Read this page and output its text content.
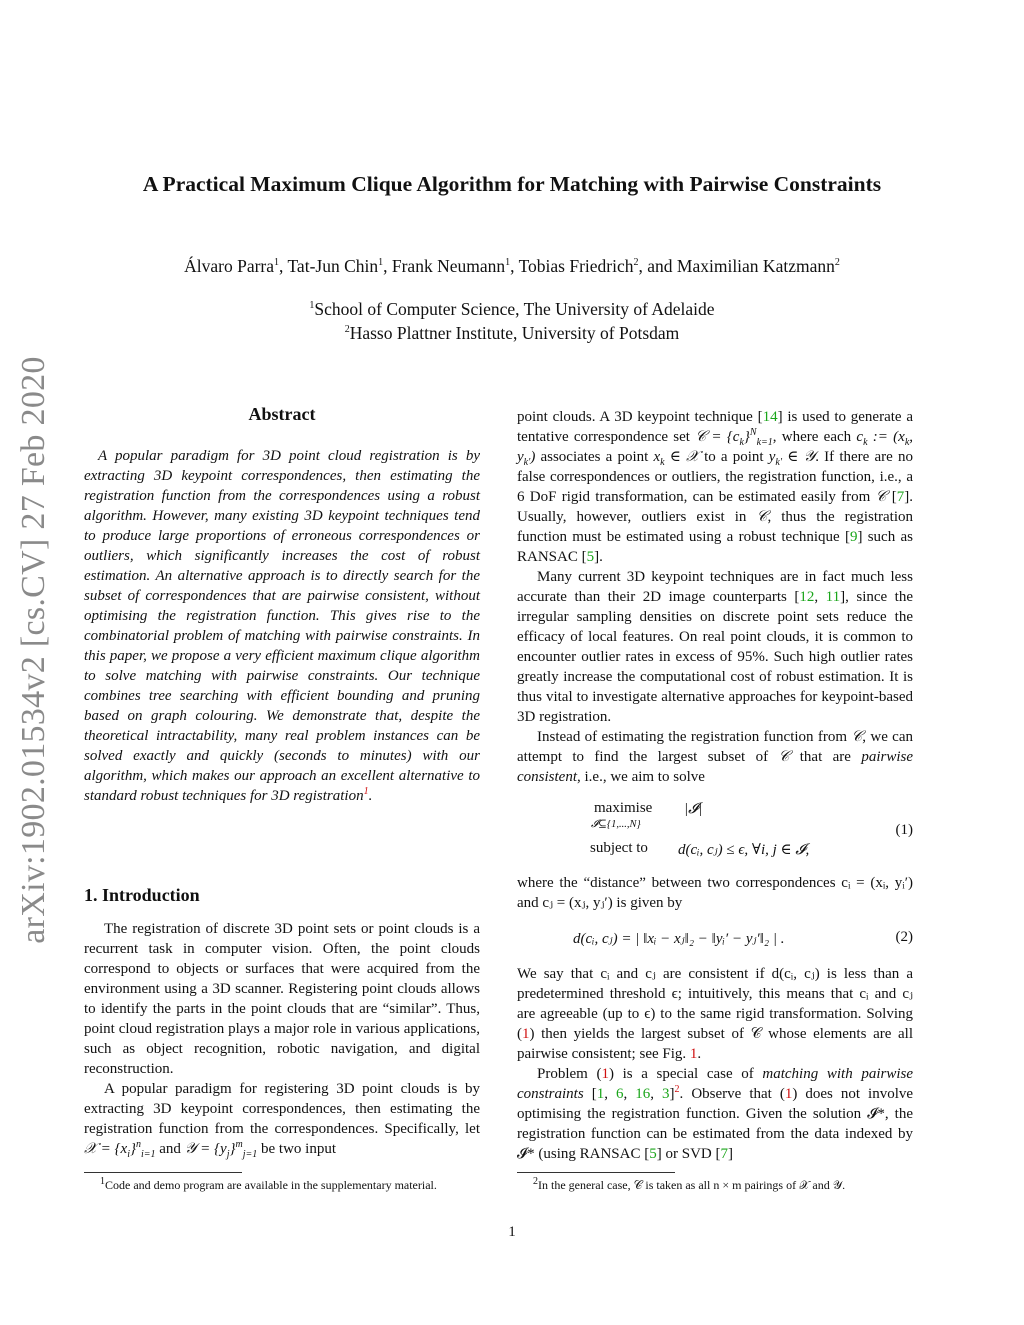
A Practical Maximum Clique Algorithm for Matching with Pairwise Constraints
Álvaro Parra$^1$, Tat-Jun Chin$^1$, Frank Neumann$^1$, Tobias Friedrich$^2$, and Maximilian Katzmann$^2$
$^1$School of Computer Science, The University of Adelaide
$^2$Hasso Plattner Institute, University of Potsdam
arXiv:1902.01534v2 [cs.CV] 27 Feb 2020	Abstract

A popular paradigm for 3D point cloud registration is by extracting 3D keypoint correspondences, then estimating the registration function from the correspondences using a robust algorithm. However, many existing 3D keypoint techniques tend to produce large proportions of erroneous correspondences or outliers, which significantly increases the cost of robust estimation. An alternative approach is to directly search for the subset of correspondences that are pairwise consistent, without optimising the registration function. This gives rise to the combinatorial problem of matching with pairwise constraints. In this paper, we propose a very efficient maximum clique algorithm to solve matching with pairwise constraints. Our technique combines tree searching with efficient bounding and pruning based on graph colouring. We demonstrate that, despite the theoretical intractability, many real problem instances can be solved exactly and quickly (seconds to minutes) with our algorithm, which makes our approach an excellent alternative to standard robust techniques for 3D registration$^1$.

1. Introduction

The registration of discrete 3D point sets or point clouds is a recurrent task in computer vision. Often, the point clouds correspond to objects or surfaces that were acquired from the environment using a 3D scanner. Registering point clouds allows to identify the parts in the point clouds that are “similar”. Thus, point cloud registration plays a major role in various applications, such as object recognition, robotic navigation, and digital reconstruction.

A popular paradigm for registering 3D point clouds is by extracting 3D keypoint correspondences, then estimating the registration function from the correspondences. Specifically, let 𝒳 = $\{x_i\}^n_{i=1}$ and 𝒴 = $\{y_j\}^m_{j=1}$ be two input

$^1$Code and demo program are available in the supplementary material.

point clouds. A 3D keypoint technique [14] is used to generate a tentative correspondence set 𝒞 = $\{c_k\}^N_{k=1}$, where each $c_k$ := ($x_k$, $y_{k'}$) associates a point $x_k$ ∈ 𝒳 to a point $y_{k'}$ ∈ 𝒴. If there are no false correspondences or outliers, the registration function, i.e., a 6 DoF rigid transformation, can be estimated easily from 𝒞 [7]. Usually, however, outliers exist in 𝒞, thus the registration function must be estimated using a robust technique [9] such as RANSAC [5].

Many current 3D keypoint techniques are in fact much less accurate than their 2D image counterparts [12, 11], since the irregular sampling densities on discrete point sets reduce the efficacy of local features. On real point clouds, it is common to encounter outlier rates in excess of 95%. Such high outlier rates greatly increase the computational cost of robust estimation. It is thus vital to investigate alternative approaches for keypoint-based 3D registration.

Instead of estimating the registration function from 𝒞, we can attempt to find the largest subset of 𝒞 that are pairwise consistent, i.e., we aim to solve

maximise
𝓘⊆{1,...,N}
|𝓘|
subject to d(cᵢ, cⱼ) ≤ ϵ, ∀i, j ∈ 𝓘,
(1)

where the “distance” between two correspondences cᵢ = (xᵢ, yᵢ′) and cⱼ = (xⱼ, yⱼ′) is given by

d(cᵢ, cⱼ) = | ‖xᵢ − xⱼ‖₂ − ‖yᵢ′ − yⱼ′‖₂ | .	(2)

We say that cᵢ and cⱼ are consistent if d(cᵢ, cⱼ) is less than a predetermined threshold ϵ; intuitively, this means that cᵢ and cⱼ are agreeable (up to ϵ) to the same rigid transformation. Solving (1) then yields the largest subset of 𝒞 whose elements are all pairwise consistent; see Fig. 1.

Problem (1) is a special case of matching with pairwise constraints [1, 6, 16, 3]$^2$. Observe that (1) does not involve optimising the registration function. Given the solution 𝓘*, the registration function can be estimated from the data indexed by 𝓘* (using RANSAC [5] or SVD [7]

$^2$In the general case, 𝒞 is taken as all n × m pairings of 𝒳 and 𝒴.
1
